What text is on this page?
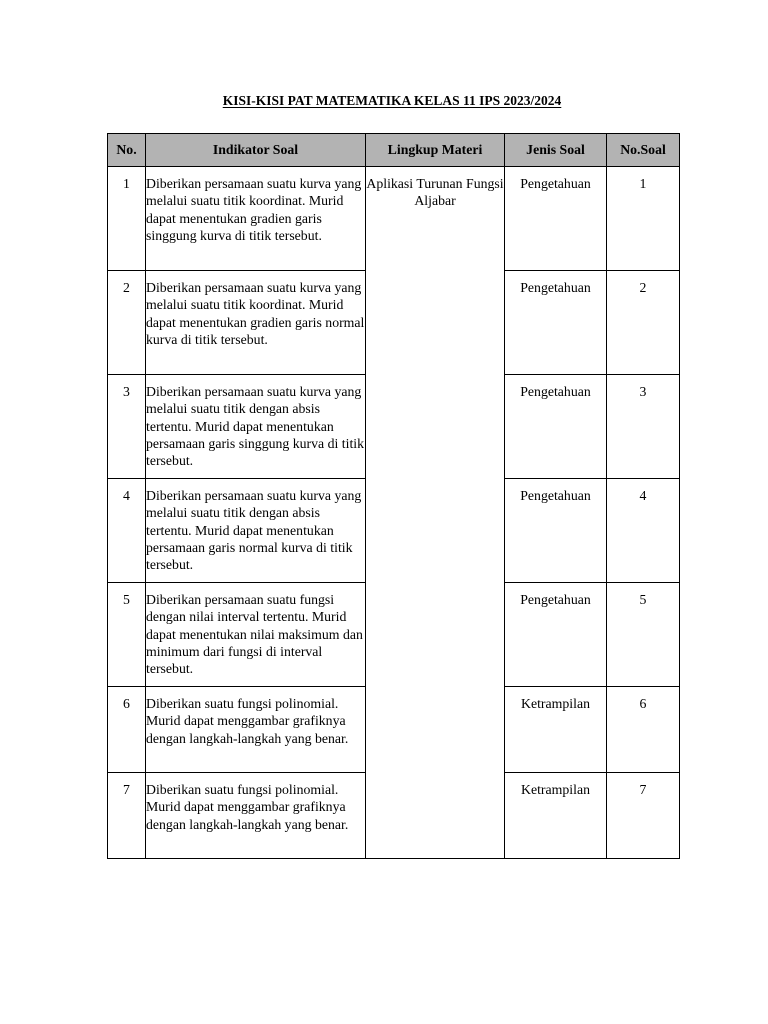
KISI-KISI PAT MATEMATIKA KELAS 11 IPS 2023/2024
No.	Indikator Soal	Lingkup Materi	Jenis Soal	No.Soal
1	Diberikan persamaan suatu kurva yang melalui suatu titik koordinat. Murid dapat menentukan gradien garis singgung kurva di titik tersebut.	Aplikasi Turunan Fungsi Aljabar	Pengetahuan	1
2	Diberikan persamaan suatu kurva yang melalui suatu titik koordinat. Murid dapat menentukan gradien garis normal kurva di titik tersebut.		Pengetahuan	2
3	Diberikan persamaan suatu kurva yang melalui suatu titik dengan absis tertentu. Murid dapat menentukan persamaan garis singgung kurva di titik tersebut.		Pengetahuan	3
4	Diberikan persamaan suatu kurva yang melalui suatu titik dengan absis tertentu. Murid dapat menentukan persamaan garis normal kurva di titik tersebut.		Pengetahuan	4
5	Diberikan persamaan suatu fungsi dengan nilai interval tertentu. Murid dapat menentukan nilai maksimum dan minimum dari fungsi di interval tersebut.		Pengetahuan	5
6	Diberikan suatu fungsi polinomial. Murid dapat menggambar grafiknya dengan langkah-langkah yang benar.		Ketrampilan	6
7	Diberikan suatu fungsi polinomial. Murid dapat menggambar grafiknya dengan langkah-langkah yang benar.		Ketrampilan	7
